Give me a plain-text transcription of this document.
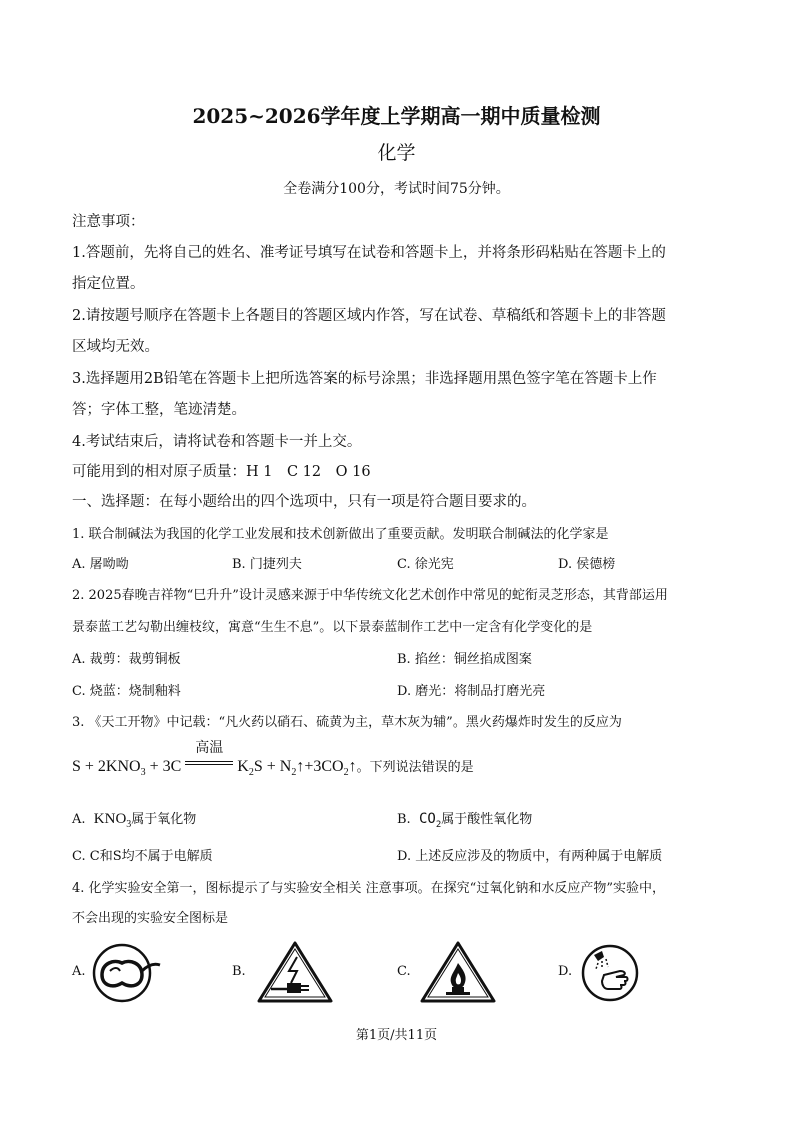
2025~2026学年度上学期高一期中质量检测
化学
全卷满分100分，考试时间75分钟。
注意事项：
1.答题前，先将自己的姓名、准考证号填写在试卷和答题卡上，并将条形码粘贴在答题卡上的
指定位置。
2.请按题号顺序在答题卡上各题目的答题区域内作答，写在试卷、草稿纸和答题卡上的非答题
区域均无效。
3.选择题用2B铅笔在答题卡上把所选答案的标号涂黑；非选择题用黑色签字笔在答题卡上作
答；字体工整，笔迹清楚。
4.考试结束后，请将试卷和答题卡一并上交。
可能用到的相对原子质量：H 1　C 12　O 16
一、选择题：在每小题给出的四个选项中，只有一项是符合题目要求的。
1. 联合制碱法为我国的化学工业发展和技术创新做出了重要贡献。发明联合制碱法的化学家是
A. 屠呦呦	B. 门捷列夫	C. 徐光宪	D. 侯德榜
2. 2025春晚吉祥物“巳升升”设计灵感来源于中华传统文化艺术创作中常见的蛇衔灵芝形态，其背部运用
景泰蓝工艺勾勒出缠枝纹，寓意“生生不息”。以下景泰蓝制作工艺中一定含有化学变化的是
A. 裁剪：裁剪铜板	B. 掐丝：铜丝掐成图案
C. 烧蓝：烧制釉料	D. 磨光：将制品打磨光亮
3. 《天工开物》中记载：“凡火药以硝石、硫黄为主，草木灰为辅”。黑火药爆炸时发生的反应为
$S + 2KNO_3 + 3C$
高温
$K_2S$ + $N_2↑+3CO_2↑$。下列说法错误的是
A. $KNO_3$属于氧化物	B. $CO_2$属于酸性氧化物
C. C和S均不属于电解质	D. 上述反应涉及的物质中，有两种属于电解质
4. 化学实验安全第一，图标提示了与实验安全相关 注意事项。在探究“过氧化钠和水反应产物”实验中，
不会出现的实验安全图标是
A.	B.	C.	D.
第1页/共11页
